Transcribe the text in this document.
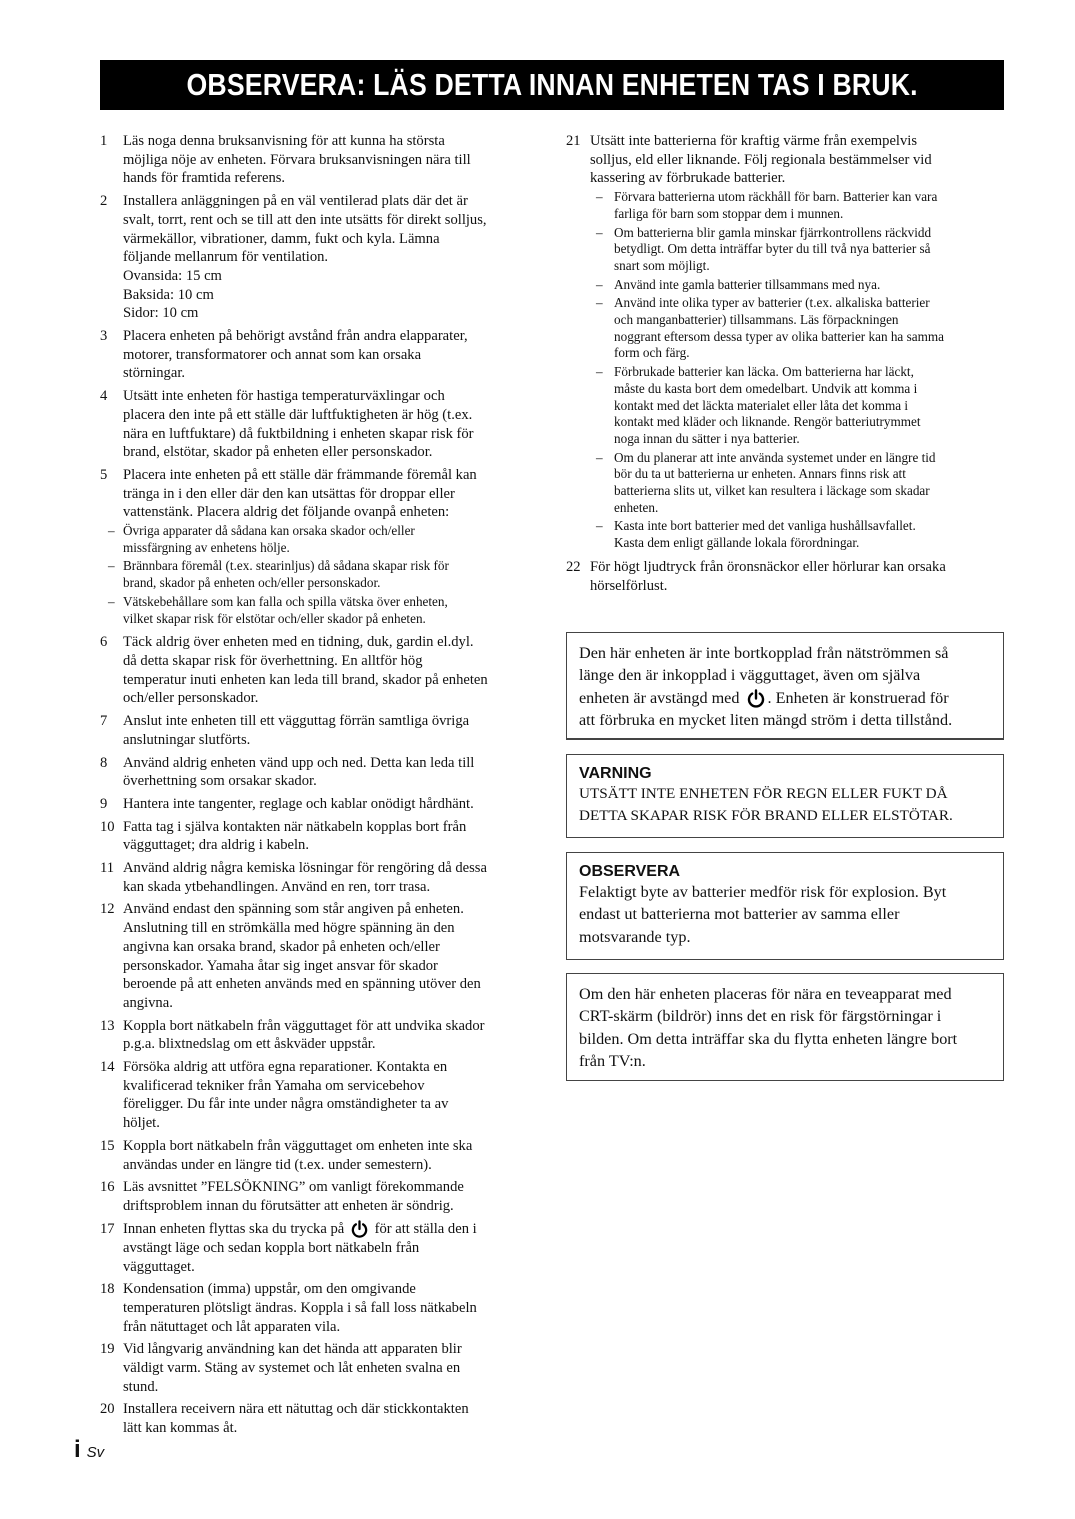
OBSERVERA: LÄS DETTA INNAN ENHETEN TAS I BRUK.
1	Läs noga denna bruksanvisning för att kunna ha största
möjliga nöje av enheten. Förvara bruksanvisningen nära till
hands för framtida referens.
2	Installera anläggningen på en väl ventilerad plats där det är
svalt, torrt, rent och se till att den inte utsätts för direkt solljus,
värmekällor, vibrationer, damm, fukt och kyla. Lämna
följande mellanrum för ventilation.
Ovansida: 15 cm
Baksida: 10 cm
Sidor: 10 cm
3	Placera enheten på behörigt avstånd från andra elapparater,
motorer, transformatorer och annat som kan orsaka
störningar.
4	Utsätt inte enheten för hastiga temperaturväxlingar och
placera den inte på ett ställe där luftfuktigheten är hög (t.ex.
nära en luftfuktare) då fuktbildning i enheten skapar risk för
brand, elstötar, skador på enheten eller personskador.
5	Placera inte enheten på ett ställe där främmande föremål kan
tränga in i den eller där den kan utsättas för droppar eller
vattenstänk. Placera aldrig det följande ovanpå enheten:
– Övriga apparater då sådana kan orsaka skador och/eller
missfärgning av enhetens hölje.
– Brännbara föremål (t.ex. stearinljus) då sådana skapar risk för
brand, skador på enheten och/eller personskador.
– Vätskebehållare som kan falla och spilla vätska över enheten,
vilket skapar risk för elstötar och/eller skador på enheten.
6	Täck aldrig över enheten med en tidning, duk, gardin el.dyl.
då detta skapar risk för överhettning. En alltför hög
temperatur inuti enheten kan leda till brand, skador på enheten
och/eller personskador.
7	Anslut inte enheten till ett vägguttag förrän samtliga övriga
anslutningar slutförts.
8	Använd aldrig enheten vänd upp och ned. Detta kan leda till
överhettning som orsakar skador.
9	Hantera inte tangenter, reglage och kablar onödigt hårdhänt.
10 Fatta tag i själva kontakten när nätkabeln kopplas bort från
vägguttaget; dra aldrig i kabeln.
11 Använd aldrig några kemiska lösningar för rengöring då dessa
kan skada ytbehandlingen. Använd en ren, torr trasa.
12 Använd endast den spänning som står angiven på enheten.
Anslutning till en strömkälla med högre spänning än den
angivna kan orsaka brand, skador på enheten och/eller
personskador. Yamaha åtar sig inget ansvar för skador
beroende på att enheten används med en spänning utöver den
angivna.
13 Koppla bort nätkabeln från vägguttaget för att undvika skador
p.g.a. blixtnedslag om ett åskväder uppstår.
14 Försöka aldrig att utföra egna reparationer. Kontakta en
kvalificerad tekniker från Yamaha om servicebehov
föreligger. Du får inte under några omständigheter ta av
höljet.
15 Koppla bort nätkabeln från vägguttaget om enheten inte ska
användas under en längre tid (t.ex. under semestern).
16 Läs avsnittet ”FELSÖKNING” om vanligt förekommande
driftsproblem innan du förutsätter att enheten är söndrig.
17 Innan enheten flyttas ska du trycka på för att ställa den i
avstängt läge och sedan koppla bort nätkabeln från
vägguttaget.
18 Kondensation (imma) uppstår, om den omgivande
temperaturen plötsligt ändras. Koppla i så fall loss nätkabeln
från nätuttaget och låt apparaten vila.
19 Vid långvarig användning kan det hända att apparaten blir
väldigt varm. Stäng av systemet och låt enheten svalna en
stund.
20 Installera receivern nära ett nätuttag och där stickkontakten
lätt kan kommas åt.
21 Utsätt inte batterierna för kraftig värme från exempelvis
solljus, eld eller liknande. Följ regionala bestämmelser vid
kassering av förbrukade batterier.
– Förvara batterierna utom räckhåll för barn. Batterier kan vara
farliga för barn som stoppar dem i munnen.
– Om batterierna blir gamla minskar fjärrkontrollens räckvidd
betydligt. Om detta inträffar byter du till två nya batterier så
snart som möjligt.
– Använd inte gamla batterier tillsammans med nya.
– Använd inte olika typer av batterier (t.ex. alkaliska batterier
och manganbatterier) tillsammans. Läs förpackningen
noggrant eftersom dessa typer av olika batterier kan ha samma
form och färg.
– Förbrukade batterier kan läcka. Om batterierna har läckt,
måste du kasta bort dem omedelbart. Undvik att komma i
kontakt med det läckta materialet eller låta det komma i
kontakt med kläder och liknande. Rengör batteriutrymmet
noga innan du sätter i nya batterier.
– Om du planerar att inte använda systemet under en längre tid
bör du ta ut batterierna ur enheten. Annars finns risk att
batterierna slits ut, vilket kan resultera i läckage som skadar
enheten.
– Kasta inte bort batterier med det vanliga hushållsavfallet.
Kasta dem enligt gällande lokala förordningar.
22 För högt ljudtryck från öronsnäckor eller hörlurar kan orsaka
hörselförlust.
Den här enheten är inte bortkopplad från nätströmmen så
länge den är inkopplad i vägguttaget, även om själva
enheten är avstängd med . Enheten är konstruerad för
att förbruka en mycket liten mängd ström i detta tillstånd.
VARNING
UTSÄTT INTE ENHETEN FÖR REGN ELLER FUKT DÅ
DETTA SKAPAR RISK FÖR BRAND ELLER ELSTÖTAR.
OBSERVERA
Felaktigt byte av batterier medför risk för explosion. Byt
endast ut batterierna mot batterier av samma eller
motsvarande typ.
Om den här enheten placeras för nära en teveapparat med
CRT-skärm (bildrör) inns det en risk för färgstörningar i
bilden. Om detta inträffar ska du flytta enheten längre bort
från TV:n.
i Sv
